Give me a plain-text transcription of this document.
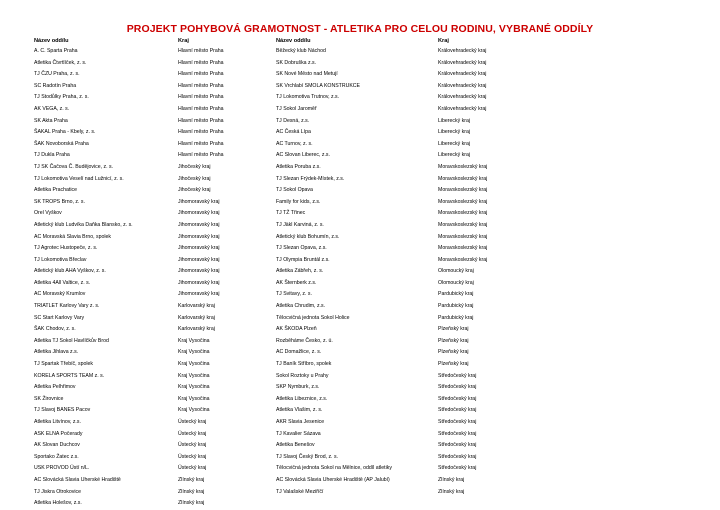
PROJEKT POHYBOVÁ GRAMOTNOST - ATLETIKA PRO CELOU RODINU, VYBRANÉ ODDÍLY
Název oddílu	Kraj	Název oddílu	Kraj
A. C. Sparta Praha	Hlavní město Praha	Běžecký klub Náchod	Královehradecký kraj
Atletika Čtvrtlíček, z. s.	Hlavní město Praha	SK Dobruška z.s.	Královehradecký kraj
TJ ČZU Praha, z. s.	Hlavní město Praha	SK Nové Město nad Metují	Královehradecký kraj
SC Radotín Praha	Hlavní město Praha	SK Vrchlabí SMOLA KONSTRUKCE	Královehradecký kraj
TJ Stodůlky Praha, z. s.	Hlavní město Praha	TJ Lokomotiva Trutnov, z.s.	Královehradecký kraj
AK VEGA, z. s.	Hlavní město Praha	TJ Sokol Jaroměř	Královehradecký kraj
SK Akta Praha	Hlavní město Praha	TJ Desná, z.s.	Liberecký kraj
ŠAKAL Praha - Kbely, z. s.	Hlavní město Praha	AC Česká Lípa	Liberecký kraj
ŠAK Novoborská Praha	Hlavní město Praha	AC Turnov, z. s.	Liberecký kraj
TJ Dukla Praha	Hlavní město Praha	AC Slovan Liberec, z.s.	Liberecký kraj
TJ SK Čačova Č. Budějovice, z. s.	Jihočeský kraj	Atletika Poruba z.s.	Moravskoslezský kraj
TJ Lokomotiva Veselí nad Lužnicí, z. s.	Jihočeský kraj	TJ Slezan Frýdek-Místek, z.s.	Moravskoslezský kraj
Atletika Prachatice	Jihočeský kraj	TJ Sokol Opava	Moravskoslezský kraj
SK TROPS Brno, z. s.	Jihomoravský kraj	Family for kids, z.s.	Moravskoslezský kraj
Orel Vyškov	Jihomoravský kraj	TJ TŽ Třinec	Moravskoslezský kraj
Atletický klub Ludvíka Daňka Blansko, z. s.	Jihomoravský kraj	TJ Jäkl Karviná, z. s.	Moravskoslezský kraj
AC Moravská Slavia Brno, spolek	Jihomoravský kraj	Atletický klub Bohumín, z.s.	Moravskoslezský kraj
TJ Agrotec Hustopeče, z. s.	Jihomoravský kraj	TJ Slezan Opava, z.s.	Moravskoslezský kraj
TJ Lokomotiva Břeclav	Jihomoravský kraj	TJ Olympia Bruntál z.s.	Moravskoslezský kraj
Atletický klub AHA Vyškov, z. s.	Jihomoravský kraj	Atletika Zábřeh, z. s.	Olomoucký kraj
Atletika 4All Valtice, z. s.	Jihomoravský kraj	AK Šternberk z.s.	Olomoucký kraj
AC Moravský Krumlov	Jihomoravský kraj	TJ Svitavy, z. s.	Pardubický kraj
TRIATLET Karlovy Vary z. s.	Karlovarský kraj	Atletika Chrudim, z.s.	Pardubický kraj
SC Start Karlovy Vary	Karlovarský kraj	Tělocvičná jednota Sokol Holice	Pardubický kraj
ŠAK Chodov, z. s.	Karlovarský kraj	AK ŠKODA Plzeň	Plzeňský kraj
Atletika TJ Sokol Havlíčkův Brod	Kraj Vysočina	Rozběháme Česko, z. ú.	Plzeňský kraj
Atletika Jihlava z.s.	Kraj Vysočina	AC Domažlice, z. s.	Plzeňský kraj
TJ Spartak Třebíč, spolek	Kraj Vysočina	TJ Baník Stříbro, spolek	Plzeňský kraj
KORELA SPORTS TEAM z. s.	Kraj Vysočina	Sokol Roztoky u Prahy	Středočeský kraj
Atletika Pelhřimov	Kraj Vysočina	SKP Nymburk, z.s.	Středočeský kraj
SK Žirovnice	Kraj Vysočina	Atletika Libeznice, z.s.	Středočeský kraj
TJ Slavoj BANES Pacov	Kraj Vysočina	Atletika Vlašim, z. s.	Středočeský kraj
Atletika Litvínov, z.s.	Ústecký kraj	AKR Slavia Jesenice	Středočeský kraj
ASK ELNA Počerady	Ústecký kraj	TJ Kavalier Sázava	Středočeský kraj
AK Slovan Duchcov	Ústecký kraj	Atletika Benešov	Středočeský kraj
Sportako Žatec z.s.	Ústecký kraj	TJ Slavoj Český Brod, z. s.	Středočeský kraj
USK PROVOD Ústí n/L.	Ústecký kraj	Tělocvičná jednota Sokol na Mělnice, oddíl atletiky	Středočeský kraj
AC Slovácká Slavia Uherské Hradiště	Zlínský kraj	AC Slovácká Slavia Uherské Hradiště (AP Jalubí)	Zlínský kraj
TJ Jiskra Otrokovice	Zlínský kraj	TJ Valašské Meziříčí	Zlínský kraj
Atletika Holešov, z.s.	Zlínský kraj		
